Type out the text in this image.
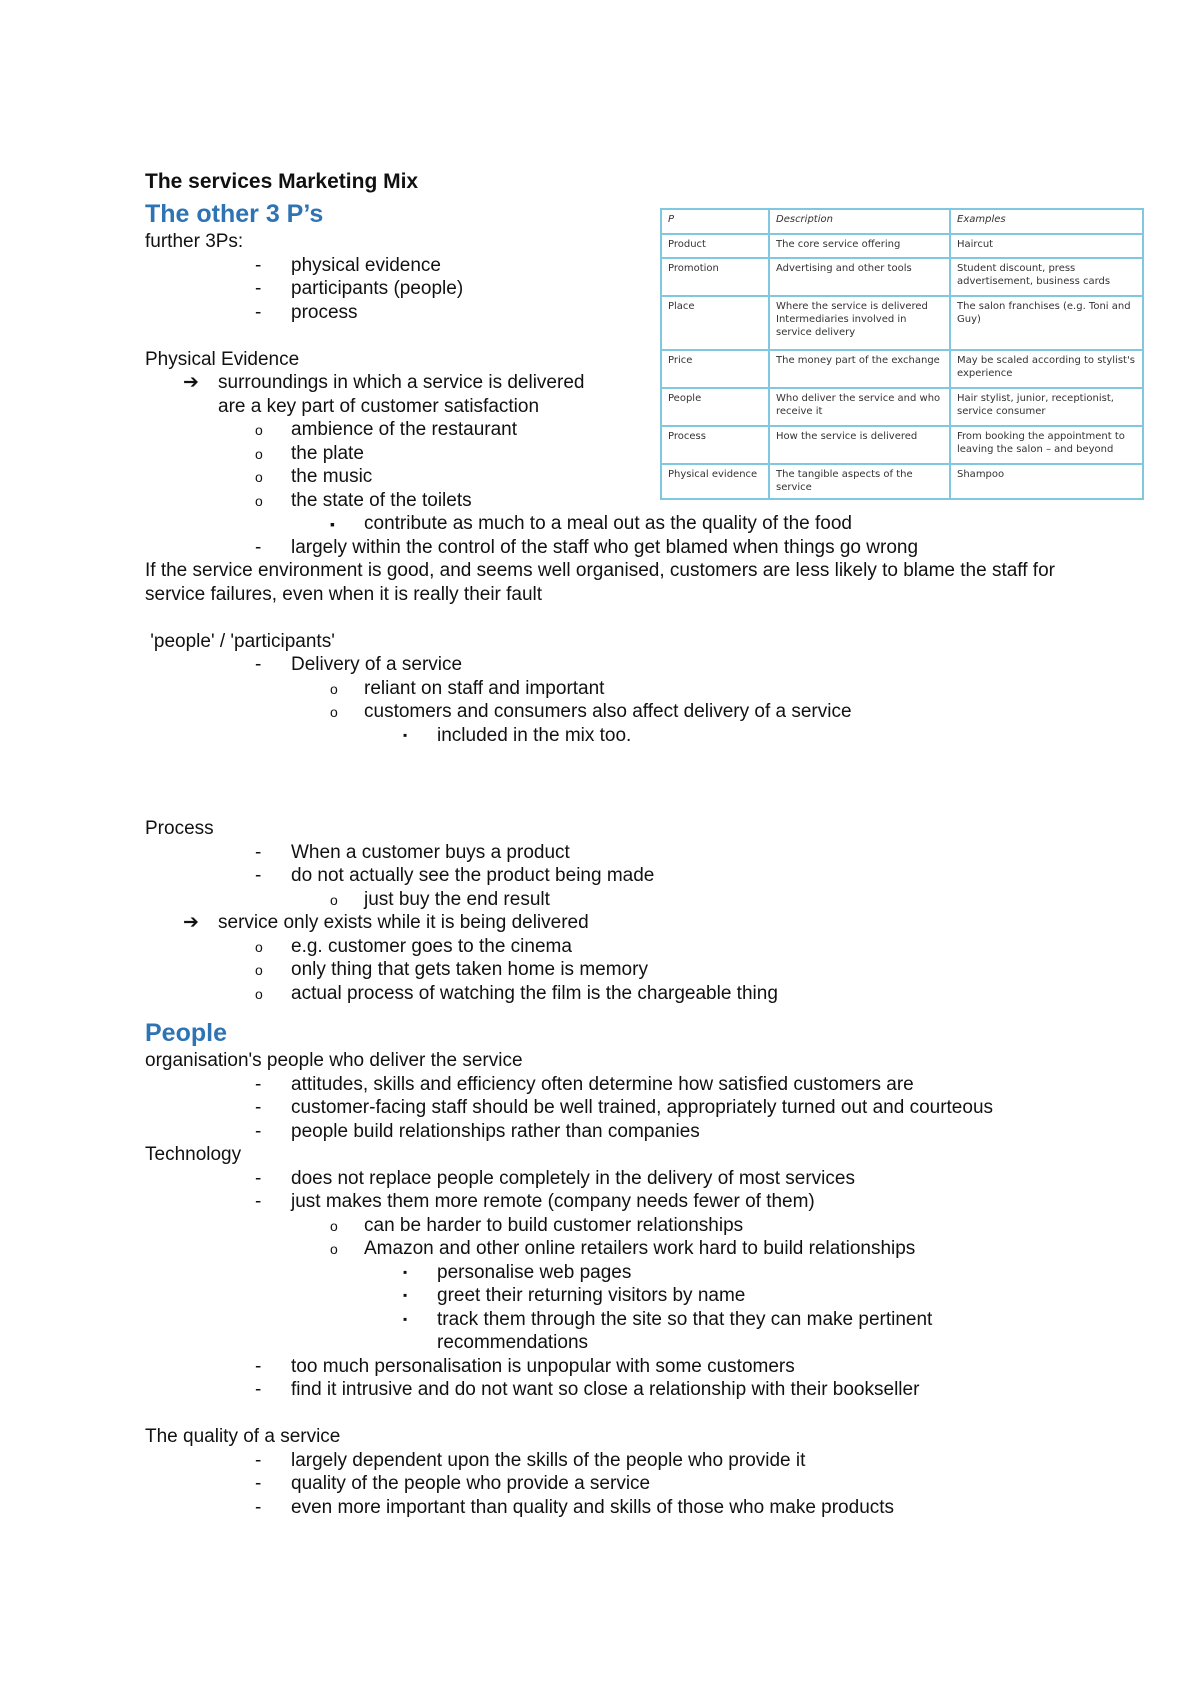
P	Description	Examples
Product	The core service offering	Haircut
Promotion	Advertising and other tools	Student discount, press advertisement, business cards
Place	Where the service is delivered Intermediaries involved in service delivery	The salon franchises (e.g. Toni and Guy)
Price	The money part of the exchange	May be scaled according to stylist's experience
People	Who deliver the service and who receive it	Hair stylist, junior, receptionist, service consumer
Process	How the service is delivered	From booking the appointment to leaving the salon – and beyond
Physical evidence	The tangible aspects of the service	Shampoo
The services Marketing Mix
The other 3 P’s
further 3Ps:
- physical evidence
- participants (people)
- process
Physical Evidence
➔ surroundings in which a service is delivered
are a key part of customer satisfaction
o ambience of the restaurant
o the plate
o the music
o the state of the toilets
▪ contribute as much to a meal out as the quality of the food
- largely within the control of the staff who get blamed when things go wrong
If the service environment is good, and seems well organised, customers are less likely to blame the staff for service failures, even when it is really their fault
'people' / 'participants'
- Delivery of a service
o reliant on staff and important
o customers and consumers also affect delivery of a service
▪ included in the mix too.
Process
- When a customer buys a product
- do not actually see the product being made
o just buy the end result
➔ service only exists while it is being delivered
o e.g. customer goes to the cinema
o only thing that gets taken home is memory
o actual process of watching the film is the chargeable thing
People
organisation's people who deliver the service
- attitudes, skills and efficiency often determine how satisfied customers are
- customer-facing staff should be well trained, appropriately turned out and courteous
- people build relationships rather than companies
Technology
- does not replace people completely in the delivery of most services
- just makes them more remote (company needs fewer of them)
o can be harder to build customer relationships
o Amazon and other online retailers work hard to build relationships
▪ personalise web pages
▪ greet their returning visitors by name
▪ track them through the site so that they can make pertinent recommendations
- too much personalisation is unpopular with some customers
- find it intrusive and do not want so close a relationship with their bookseller
The quality of a service
- largely dependent upon the skills of the people who provide it
- quality of the people who provide a service
- even more important than quality and skills of those who make products
